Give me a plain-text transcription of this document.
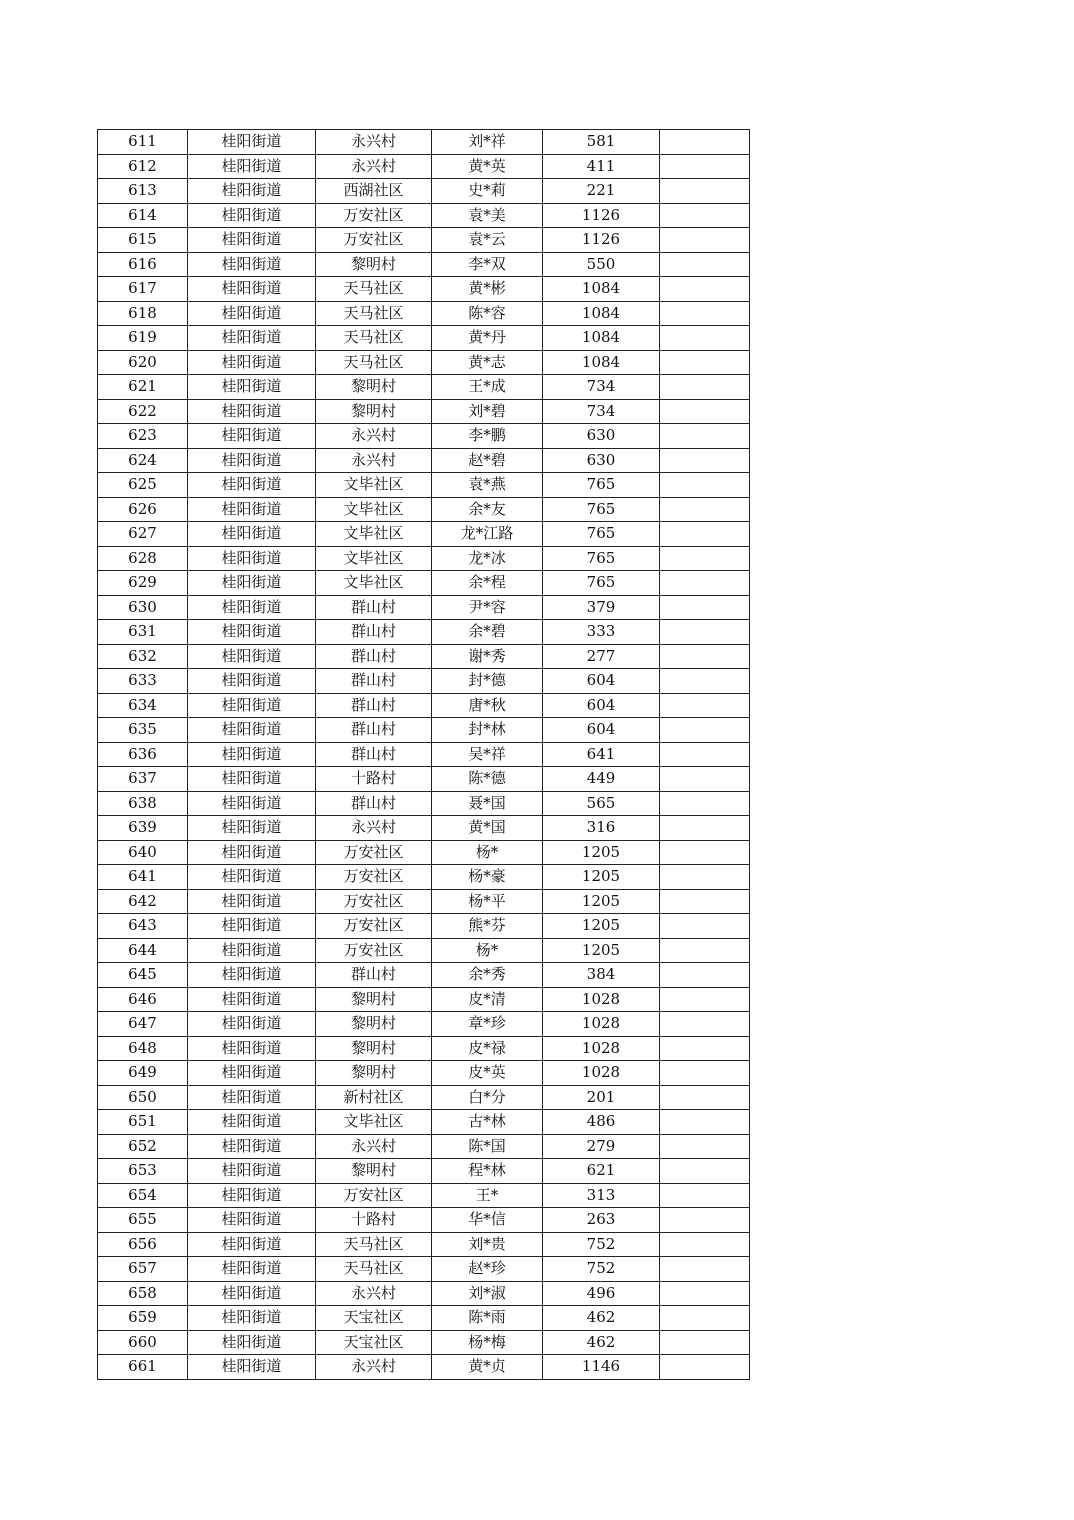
611	桂阳街道	永兴村	刘*祥	581	
612	桂阳街道	永兴村	黄*英	411	
613	桂阳街道	西湖社区	史*莉	221	
614	桂阳街道	万安社区	袁*美	1126	
615	桂阳街道	万安社区	袁*云	1126	
616	桂阳街道	黎明村	李*双	550	
617	桂阳街道	天马社区	黄*彬	1084	
618	桂阳街道	天马社区	陈*容	1084	
619	桂阳街道	天马社区	黄*丹	1084	
620	桂阳街道	天马社区	黄*志	1084	
621	桂阳街道	黎明村	王*成	734	
622	桂阳街道	黎明村	刘*碧	734	
623	桂阳街道	永兴村	李*鹏	630	
624	桂阳街道	永兴村	赵*碧	630	
625	桂阳街道	文毕社区	袁*燕	765	
626	桂阳街道	文毕社区	余*友	765	
627	桂阳街道	文毕社区	龙*江路	765	
628	桂阳街道	文毕社区	龙*冰	765	
629	桂阳街道	文毕社区	余*程	765	
630	桂阳街道	群山村	尹*容	379	
631	桂阳街道	群山村	余*碧	333	
632	桂阳街道	群山村	谢*秀	277	
633	桂阳街道	群山村	封*德	604	
634	桂阳街道	群山村	唐*秋	604	
635	桂阳街道	群山村	封*林	604	
636	桂阳街道	群山村	吴*祥	641	
637	桂阳街道	十路村	陈*德	449	
638	桂阳街道	群山村	聂*国	565	
639	桂阳街道	永兴村	黄*国	316	
640	桂阳街道	万安社区	杨*	1205	
641	桂阳街道	万安社区	杨*豪	1205	
642	桂阳街道	万安社区	杨*平	1205	
643	桂阳街道	万安社区	熊*芬	1205	
644	桂阳街道	万安社区	杨*	1205	
645	桂阳街道	群山村	余*秀	384	
646	桂阳街道	黎明村	皮*清	1028	
647	桂阳街道	黎明村	章*珍	1028	
648	桂阳街道	黎明村	皮*禄	1028	
649	桂阳街道	黎明村	皮*英	1028	
650	桂阳街道	新村社区	白*分	201	
651	桂阳街道	文毕社区	古*林	486	
652	桂阳街道	永兴村	陈*国	279	
653	桂阳街道	黎明村	程*林	621	
654	桂阳街道	万安社区	王*	313	
655	桂阳街道	十路村	华*信	263	
656	桂阳街道	天马社区	刘*贵	752	
657	桂阳街道	天马社区	赵*珍	752	
658	桂阳街道	永兴村	刘*淑	496	
659	桂阳街道	天宝社区	陈*雨	462	
660	桂阳街道	天宝社区	杨*梅	462	
661	桂阳街道	永兴村	黄*贞	1146	
